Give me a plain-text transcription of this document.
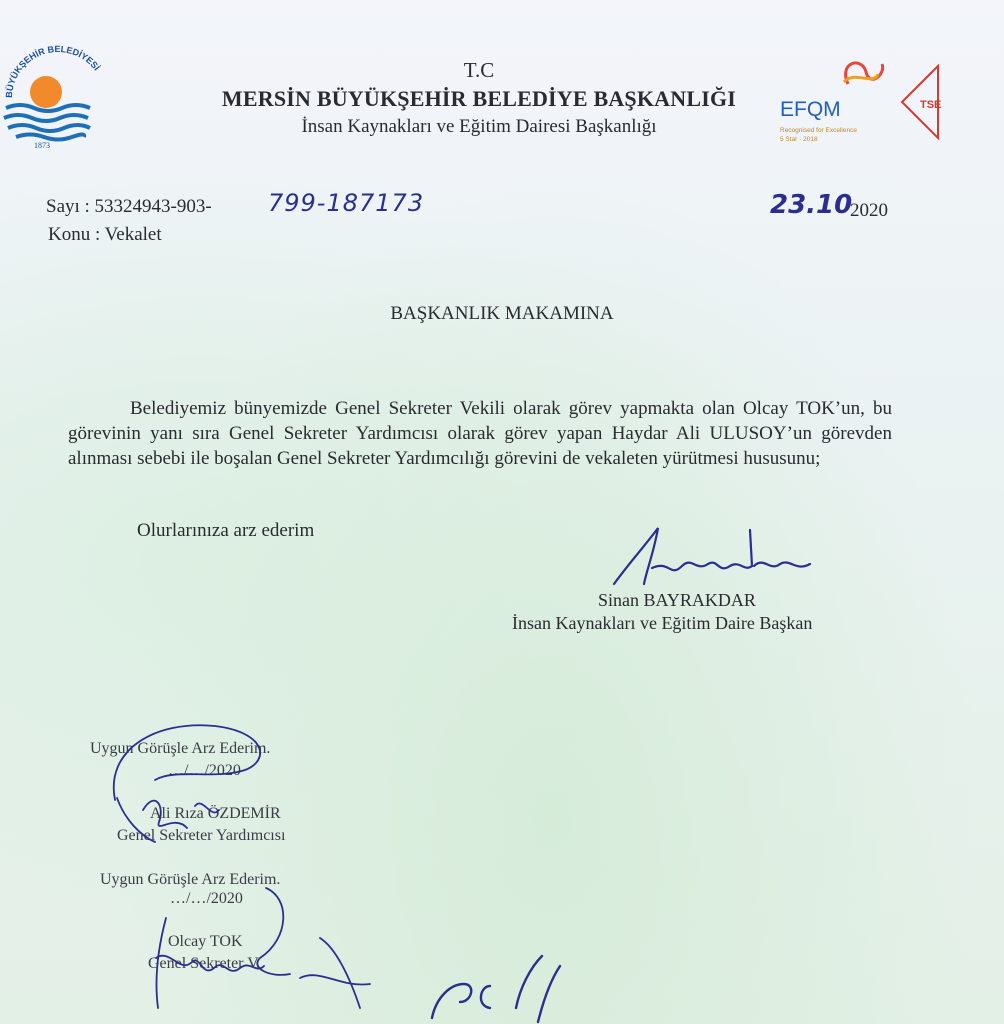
BÜYÜKŞEHİR BELEDİYESİ
1873
T.C
MERSİN BÜYÜKŞEHİR BELEDİYE BAŞKANLIĞI
İnsan Kaynakları ve Eğitim Dairesi Başkanlığı
EFQM
Recognised for Excellence
5 Star · 2018
TSE
Sayı : 53324943-903- 799-187173	23.10
2020
Konu : Vekalet
BAŞKANLIK MAKAMINA

Belediyemiz bünyemizde Genel Sekreter Vekili olarak görev yapmakta olan Olcay TOK’un, bu görevinin yanı sıra Genel Sekreter Yardımcısı olarak görev yapan Haydar Ali ULUSOY’un görevden alınması sebebi ile boşalan Genel Sekreter Yardımcılığı görevini de vekaleten yürütmesi hususunu;

Olurlarınıza arz ederim
Sinan BAYRAKDAR
İnsan Kaynakları ve Eğitim Daire Başkan
Uygun Görüşle Arz Ederim.
…/…/2020
Ali Rıza ÖZDEMİR
Genel Sekreter Yardımcısı
Uygun Görüşle Arz Ederim.
…/…/2020
Olcay TOK
Genel Sekreter V.
